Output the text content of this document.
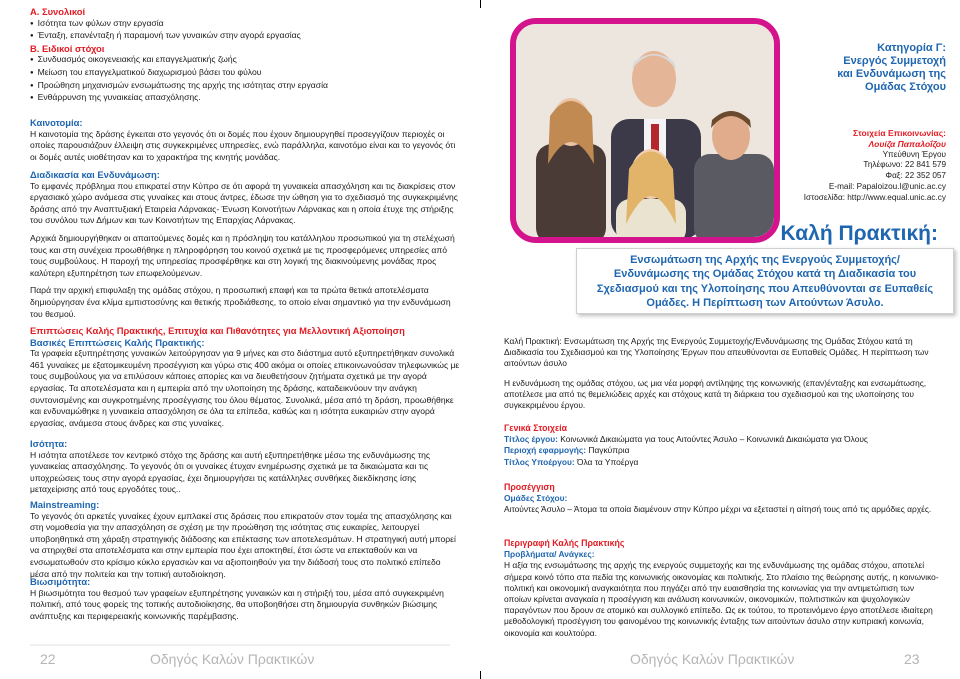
Α. Συνολικοί

● Ισότητα των φύλων στην εργασία
● Ένταξη, επανένταξη ή παραμονή των γυναικών στην αγορά εργασίας

Β. Ειδικοί στόχοι

● Συνδυασμός οικογενειακής και επαγγελματικής ζωής
● Μείωση του επαγγελματικού διαχωρισμού βάσει του φύλου
● Προώθηση μηχανισμών ενσωμάτωσης της αρχής της ισότητας στην εργασία
● Ενθάρρυνση της γυναικείας απασχόλησης.

Καινοτομία:

Η καινοτομία της δράσης έγκειται στο γεγονός ότι οι δομές που έχουν δημιουργηθεί προσεγγίζουν περιοχές οι οποίες παρουσιάζουν έλλειψη στις συγκεκριμένες υπηρεσίες, ενώ παράλληλα, καινοτόμο είναι και το γεγονός ότι οι δομές αυτές υιοθέτησαν και το χαρακτήρα της κινητής μονάδας.

Διαδικασία και Ενδυνάμωση:

Το εμφανές πρόβλημα που επικρατεί στην Κύπρο σε ότι αφορά τη γυναικεία απασχόληση και τις διακρίσεις στον εργασιακό χώρο ανάμεσα στις γυναίκες και στους άντρες, έδωσε την ώθηση για το σχεδιασμό της συγκεκριμένης δράσης από την Αναπτυξιακή Εταιρεία Λάρνακας- Ένωση Κοινοτήτων Λάρνακας και η οποία έτυχε της στήριξης του συνόλου των Δήμων και των Κοινοτήτων της Επαρχίας Λάρνακας.

Αρχικά δημιουργήθηκαν οι απαιτούμενες δομές και η πρόσληψη του κατάλληλου προσωπικού για τη στελέχωσή τους και στη συνέχεια προωθήθηκε η πληροφόρηση του κοινού σχετικά με τις προσφερόμενες υπηρεσίες από τους συμβούλους. Η παροχή της υπηρεσίας προσφέρθηκε και στη λογική της διακινούμενης μονάδας προς καλύτερη εξυπηρέτηση των επωφελούμενων.

Παρά την αρχική επιφυλαξη της ομάδας στόχου, η προσωπική επαφή και τα πρώτα θετικά αποτελέσματα δημιούργησαν ένα κλίμα εμπιστοσύνης και θετικής προδιάθεσης, το οποίο είναι σημαντικό για την ενδυνάμωση του θεσμού.

Επιπτώσεις Καλής Πρακτικής, Επιτυχία και Πιθανότητες για Μελλοντική Αξιοποίηση

Βασικές Επιπτώσεις Καλής Πρακτικής:

Τα γραφεία εξυπηρέτησης γυναικών λειτούργησαν για 9 μήνες και στο διάστημα αυτό εξυπηρετήθηκαν συνολικά 461 γυναίκες με εξατομικευμένη προσέγγιση και γύρω στις 400 ακόμα οι οποίες επικοινωνούσαν τηλεφωνικώς με τους συμβούλους για να επιλύσουν κάποιες απορίες και να διευθετήσουν ζητήματα σχετικά με την αγορά εργασίας. Τα αποτελέσματα και η εμπειρία από την υλοποίηση της δράσης, καταδεικνύουν την ανάγκη συντονισμένης και συγκροτημένης προσέγγισης του όλου θέματος. Συνολικά, μέσα από τη δράση, προωθήθηκε και ενδυναμώθηκε η γυναικεία απασχόληση σε όλα τα επίπεδα, καθώς και η ισότητα ευκαιριών στην αγορά εργασίας, ανάμεσα στους άνδρες και στις γυναίκες.

Ισότητα:

Η ισότητα αποτέλεσε τον κεντρικό στόχο της δράσης και αυτή εξυπηρετήθηκε μέσω της ενδυνάμωσης της γυναικείας απασχόλησης. Το γεγονός ότι οι γυναίκες έτυχαν ενημέρωσης σχετικά με τα δικαιώματα και τις υποχρεώσεις τους στην αγορά εργασίας, έχει δημιουργήσει τις κατάλληλες συνθήκες διεκδίκησης ίσης μεταχείρισης από τους εργοδότες τους..

Mainstreaming:

Το γεγονός ότι αρκετές γυναίκες έχουν εμπλακεί στις δράσεις που επικρατούν στον τομέα της απασχόλησης και στη νομοθεσία για την απασχόληση σε σχέση με την προώθηση της ισότητας στις ευκαιρίες, λειτουργεί υποβοηθητικά στη χάραξη στρατηγικής διάδοσης και επέκτασης των αποτελεσμάτων. Η στρατηγική αυτή μπορεί να στηριχθεί στα αποτελέσματα και στην εμπειρία που έχει αποκτηθεί, έτσι ώστε να επεκταθούν και να ενσωματωθούν στο κρίσιμο κύκλο εργασιών και να αξιοποιηθούν για την διάδοσή τους στο πολιτικό επίπεδο μέσα από την πολιτεία και την τοπική αυτοδιοίκηση.

Βιωσιμότητα:

Η βιωσιμότητα του θεσμού των γραφείων εξυπηρέτησης γυναικών και η στήριξή του, μέσα από συγκεκριμένη πολιτική, από τους φορείς της τοπικής αυτοδιοίκησης, θα υποβοηθήσει στη δημιουργία συνθηκών βιώσιμης ανάπτυξης και περιφερειακής κοινωνικής παρέμβασης.

22	Οδηγός Καλών Πρακτικών
Κατηγορία Γ:
Ενεργός Συμμετοχή
και Ενδυνάμωση της
Ομάδας Στόχου
Στοιχεία Επικοινωνίας:
Λουίζα Παπαλοΐζου
Υπεύθυνη Έργου
Τηλέφωνο: 22 841 579
Φαξ: 22 352 057
E-mail: Papaloizou.l@unic.ac.cy
Ιστοσελίδα: http://www.equal.unic.ac.cy
Καλή Πρακτική:
Ενσωμάτωση της Αρχής της Ενεργούς Συμμετοχής/
Ενδυνάμωσης της Ομάδας Στόχου κατά τη Διαδικασία του
Σχεδιασμού και της Υλοποίησης που Απευθύνονται σε Ευπαθείς
Ομάδες. Η Περίπτωση των Αιτούντων Άσυλο.

Καλή Πρακτική: Ενσωμάτωση της Αρχής της Ενεργούς Συμμετοχής/Ενδυνάμωσης της Ομάδας Στόχου κατά τη Διαδικασία του Σχεδιασμού και της Υλοποίησης Έργων που απευθύνονται σε Ευπαθείς Ομάδες. Η περίπτωση των αιτούντων άσυλο

Η ενδυνάμωση της ομάδας στόχου, ως μια νέα μορφή αντίληψης της κοινωνικής (επαν)ένταξης και ενσωμάτωσης, αποτέλεσε μια από τις θεμελιώδεις αρχές και στόχους κατά τη διάρκεια του σχεδιασμού και της υλοποίησης του συγκεκριμένου έργου.

Γενικά Στοιχεία

Τίτλος έργου: Κοινωνικά Δικαιώματα για τους Αιτούντες Άσυλο – Κοινωνικά Δικαιώματα για Όλους

Περιοχή εφαρμογής: Παγκύπρια

Τίτλος Υποέργου: Όλα τα Υποέργα

Προσέγγιση

Ομάδες Στόχου:

Αιτούντες Άσυλο – Άτομα τα οποία διαμένουν στην Κύπρο μέχρι να εξεταστεί η αίτησή τους από τις αρμόδιες αρχές.

Περιγραφή Καλής Πρακτικής

Προβλήματα/ Ανάγκες:

Η αξία της ενσωμάτωσης της αρχής της ενεργούς συμμετοχής και της ενδυνάμωσης της ομάδας στόχου, αποτελεί σήμερα κοινό τόπο στα πεδία της κοινωνικής οικονομίας και πολιτικής. Στο πλαίσιο της θεώρησης αυτής, η κοινωνικο-πολιτική και οικονομική αναγκαιότητα που πηγάζει από την ευαισθησία της κοινωνίας για την αντιμετώπιση των οποίων κρίνεται αναγκαία η προσέγγιση και ανάλυση κοινωνικών, οικονομικών, πολιτιστικών και ψυχολογικών παραγόντων που δρουν σε ατομικό και συλλογικό επίπεδο. Ως εκ τούτου, το προτεινόμενο έργο αποτέλεσε ιδιαίτερη μεθοδολογική προσέγγιση του φαινομένου της κοινωνικής ένταξης των αιτούντων άσυλο στην κυπριακή κοινωνία, οικονομία και κουλτούρα.

Οδηγός Καλών Πρακτικών	23
